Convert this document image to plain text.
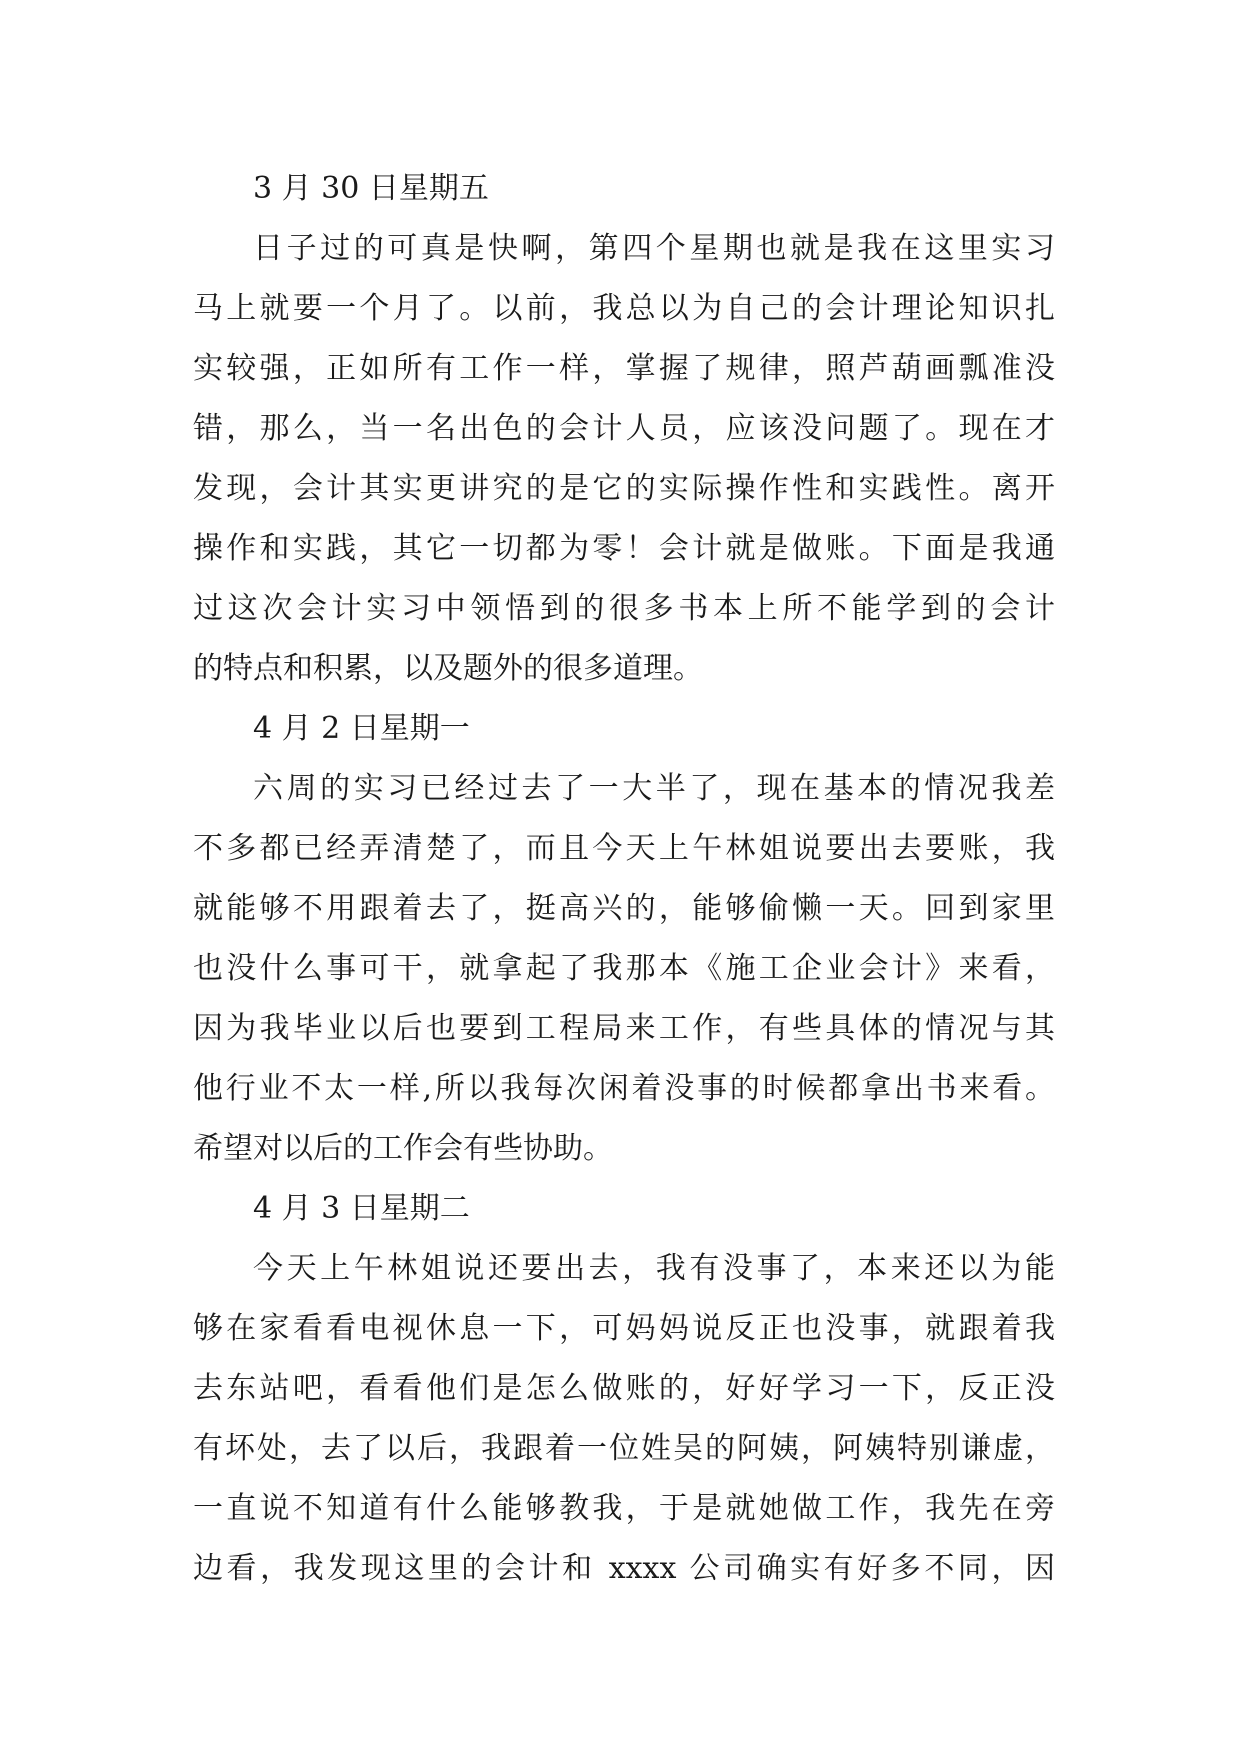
3 月 30 日星期五
日子过的可真是快啊，第四个星期也就是我在这里实习
马上就要一个月了。以前，我总以为自己的会计理论知识扎
实较强，正如所有工作一样，掌握了规律，照芦葫画瓢准没
错，那么，当一名出色的会计人员，应该没问题了。现在才
发现，会计其实更讲究的是它的实际操作性和实践性。离开
操作和实践，其它一切都为零！会计就是做账。下面是我通
过这次会计实习中领悟到的很多书本上所不能学到的会计
的特点和积累，以及题外的很多道理。
4 月 2 日星期一
六周的实习已经过去了一大半了，现在基本的情况我差
不多都已经弄清楚了，而且今天上午林姐说要出去要账，我
就能够不用跟着去了，挺高兴的，能够偷懒一天。回到家里
也没什么事可干，就拿起了我那本《施工企业会计》来看，
因为我毕业以后也要到工程局来工作，有些具体的情况与其
他行业不太一样,所以我每次闲着没事的时候都拿出书来看。
希望对以后的工作会有些协助。
4 月 3 日星期二
今天上午林姐说还要出去，我有没事了，本来还以为能
够在家看看电视休息一下，可妈妈说反正也没事，就跟着我
去东站吧，看看他们是怎么做账的，好好学习一下，反正没
有坏处，去了以后，我跟着一位姓吴的阿姨，阿姨特别谦虚，
一直说不知道有什么能够教我，于是就她做工作，我先在旁
边看，我发现这里的会计和 xxxx 公司确实有好多不同，因
